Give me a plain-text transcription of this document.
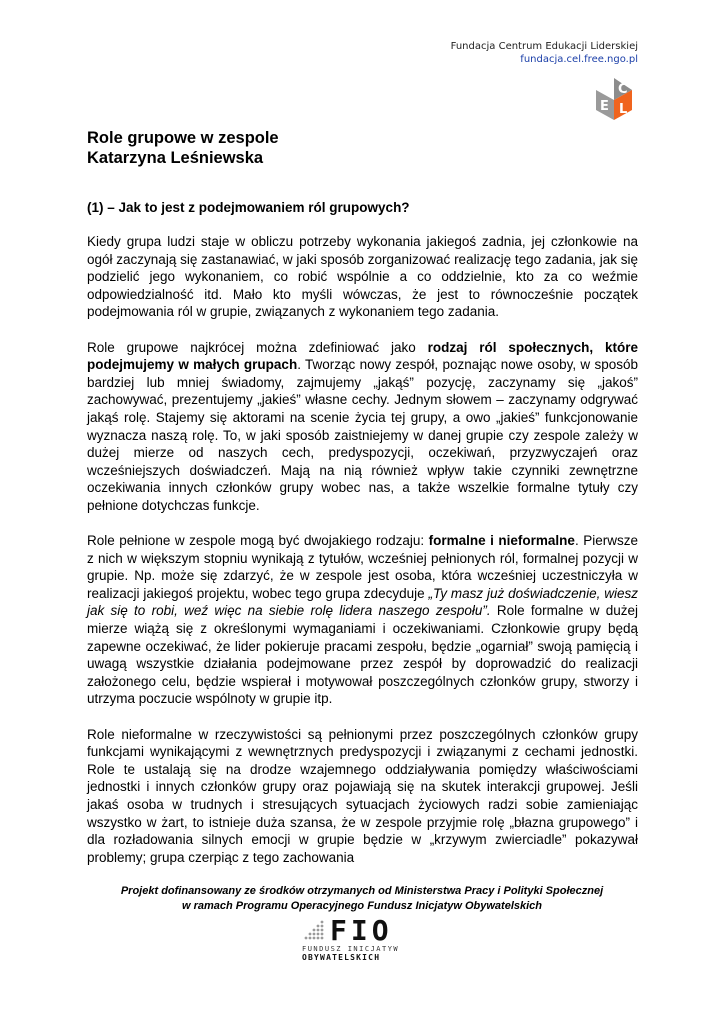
Fundacja Centrum Edukacji Liderskiej
fundacja.cel.free.ngo.pl
C
E L
Role grupowe w zespole
Katarzyna Leśniewska
(1) – Jak to jest z podejmowaniem ról grupowych?

Kiedy grupa ludzi staje w obliczu potrzeby wykonania jakiegoś zadnia, jej członkowie na ogół zaczynają się zastanawiać, w jaki sposób zorganizować realizację tego zadania, jak się podzielić jego wykonaniem, co robić wspólnie a co oddzielnie, kto za co weźmie odpowiedzialność itd. Mało kto myśli wówczas, że jest to równocześnie początek podejmowania ról w grupie, związanych z wykonaniem tego zadania.

Role grupowe najkrócej można zdefiniować jako rodzaj ról społecznych, które podejmujemy w małych grupach. Tworząc nowy zespół, poznając nowe osoby, w sposób bardziej lub mniej świadomy, zajmujemy „jakąś” pozycję, zaczynamy się „jakoś” zachowywać, prezentujemy „jakieś” własne cechy. Jednym słowem – zaczynamy odgrywać jakąś rolę. Stajemy się aktorami na scenie życia tej grupy, a owo „jakieś” funkcjonowanie wyznacza naszą rolę. To, w jaki sposób zaistniejemy w danej grupie czy zespole zależy w dużej mierze od naszych cech, predyspozycji, oczekiwań, przyzwyczajeń oraz wcześniejszych doświadczeń. Mają na nią również wpływ takie czynniki zewnętrzne oczekiwania innych członków grupy wobec nas, a także wszelkie formalne tytuły czy pełnione dotychczas funkcje.

Role pełnione w zespole mogą być dwojakiego rodzaju: formalne i nieformalne. Pierwsze z nich w większym stopniu wynikają z tytułów, wcześniej pełnionych ról, formalnej pozycji w grupie. Np. może się zdarzyć, że w zespole jest osoba, która wcześniej uczestniczyła w realizacji jakiegoś projektu, wobec tego grupa zdecyduje „Ty masz już doświadczenie, wiesz jak się to robi, weź więc na siebie rolę lidera naszego zespołu”. Role formalne w dużej mierze wiążą się z określonymi wymaganiami i oczekiwaniami. Członkowie grupy będą zapewne oczekiwać, że lider pokieruje pracami zespołu, będzie „ogarniał” swoją pamięcią i uwagą wszystkie działania podejmowane przez zespół by doprowadzić do realizacji założonego celu, będzie wspierał i motywował poszczególnych członków grupy, stworzy i utrzyma poczucie wspólnoty w grupie itp.

Role nieformalne w rzeczywistości są pełnionymi przez poszczególnych członków grupy funkcjami wynikającymi z wewnętrznych predyspozycji i związanymi z cechami jednostki. Role te ustalają się na drodze wzajemnego oddziaływania pomiędzy właściwościami jednostki i innych członków grupy oraz pojawiają się na skutek interakcji grupowej. Jeśli jakaś osoba w trudnych i stresujących sytuacjach życiowych radzi sobie zamieniając wszystko w żart, to istnieje duża szansa, że w zespole przyjmie rolę „błazna grupowego” i dla rozładowania silnych emocji w grupie będzie w „krzywym zwierciadle” pokazywał problemy; grupa czerpiąc z tego zachowania

Projekt dofinansowany ze środków otrzymanych od Ministerstwa Pracy i Polityki Społecznej
w ramach Programu Operacyjnego Fundusz Inicjatyw Obywatelskich
FIO
FUNDUSZ INICJATYW
OBYWATELSKICH
